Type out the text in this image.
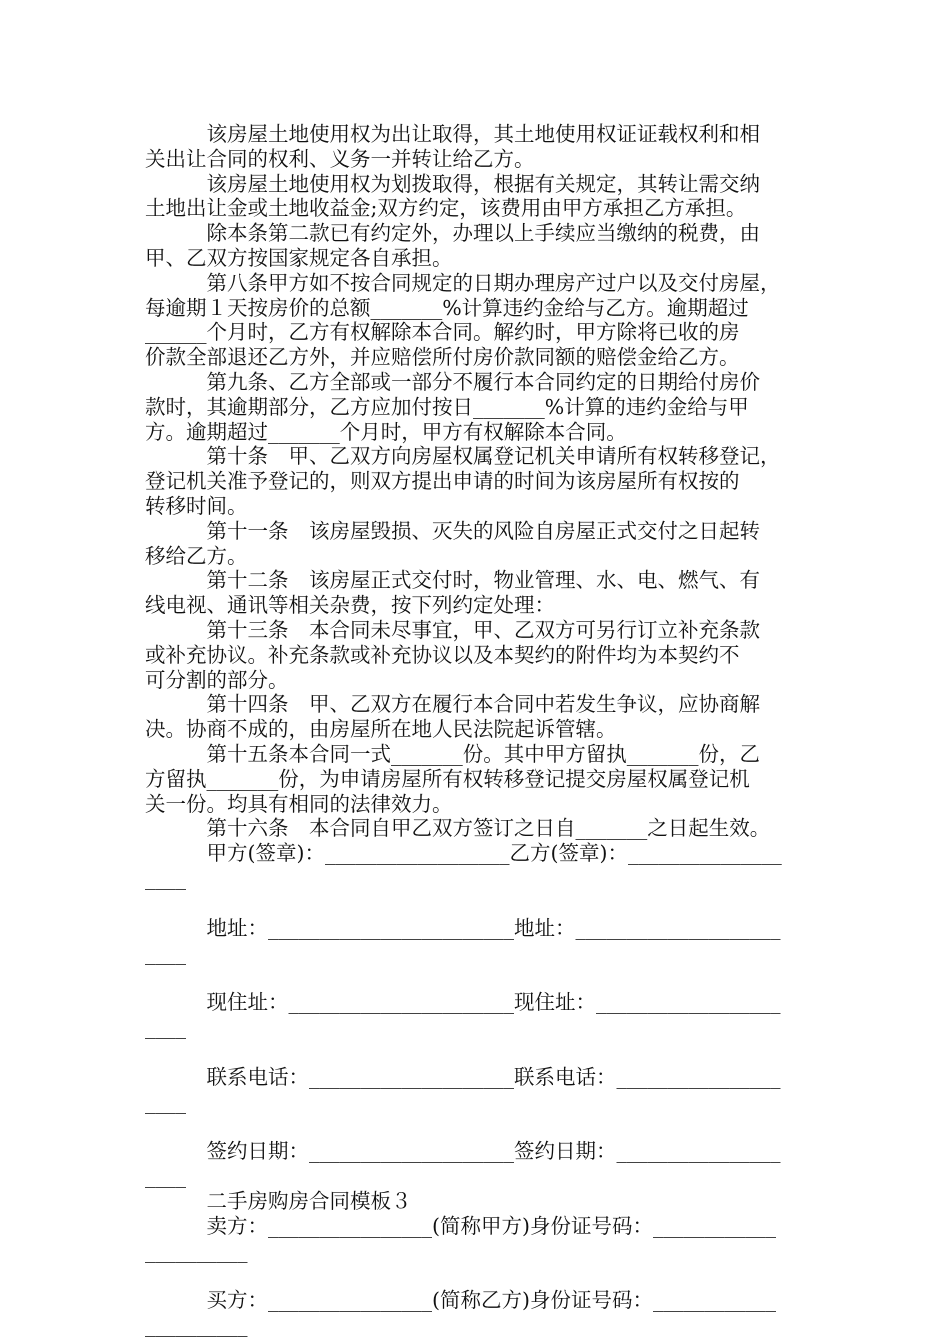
　　　该房屋土地使用权为出让取得，其土地使用权证证载权利和相

关出让合同的权利、义务一并转让给乙方。

　　　该房屋土地使用权为划拨取得，根据有关规定，其转让需交纳

土地出让金或土地收益金;双方约定，该费用由甲方承担乙方承担。

　　　除本条第二款已有约定外，办理以上手续应当缴纳的税费，由

甲、乙双方按国家规定各自承担。

　　　第八条甲方如不按合同规定的日期办理房产过户以及交付房屋，

每逾期１天按房价的总额_______%计算违约金给与乙方。逾期超过

______个月时，乙方有权解除本合同。解约时，甲方除将已收的房

价款全部退还乙方外，并应赔偿所付房价款同额的赔偿金给乙方。

　　　第九条、乙方全部或一部分不履行本合同约定的日期给付房价

款时，其逾期部分，乙方应加付按日_______%计算的违约金给与甲

方。逾期超过_______个月时，甲方有权解除本合同。

　　　第十条　甲、乙双方向房屋权属登记机关申请所有权转移登记，

登记机关准予登记的，则双方提出申请的时间为该房屋所有权按的

转移时间。

　　　第十一条　该房屋毁损、灭失的风险自房屋正式交付之日起转

移给乙方。

　　　第十二条　该房屋正式交付时，物业管理、水、电、燃气、有

线电视、通讯等相关杂费，按下列约定处理：

　　　第十三条　本合同未尽事宜，甲、乙双方可另行订立补充条款

或补充协议。补充条款或补充协议以及本契约的附件均为本契约不

可分割的部分。

　　　第十四条　甲、乙双方在履行本合同中若发生争议，应协商解

决。协商不成的，由房屋所在地人民法院起诉管辖。

　　　第十五条本合同一式_______份。其中甲方留执_______份，乙

方留执_______份，为申请房屋所有权转移登记提交房屋权属登记机

关一份。均具有相同的法律效力。

　　　第十六条　本合同自甲乙双方签订之日自_______之日起生效。

　　　甲方(签章)：__________________乙方(签章)：_______________

____

　　　地址：________________________地址：____________________

____

　　　现住址：______________________现住址：__________________

____

　　　联系电话：____________________联系电话：________________

____

　　　签约日期：____________________签约日期：________________

____

　　　二手房购房合同模板３

　　　卖方：________________(简称甲方)身份证号码：____________

__________

　　　买方：________________(简称乙方)身份证号码：____________

__________
